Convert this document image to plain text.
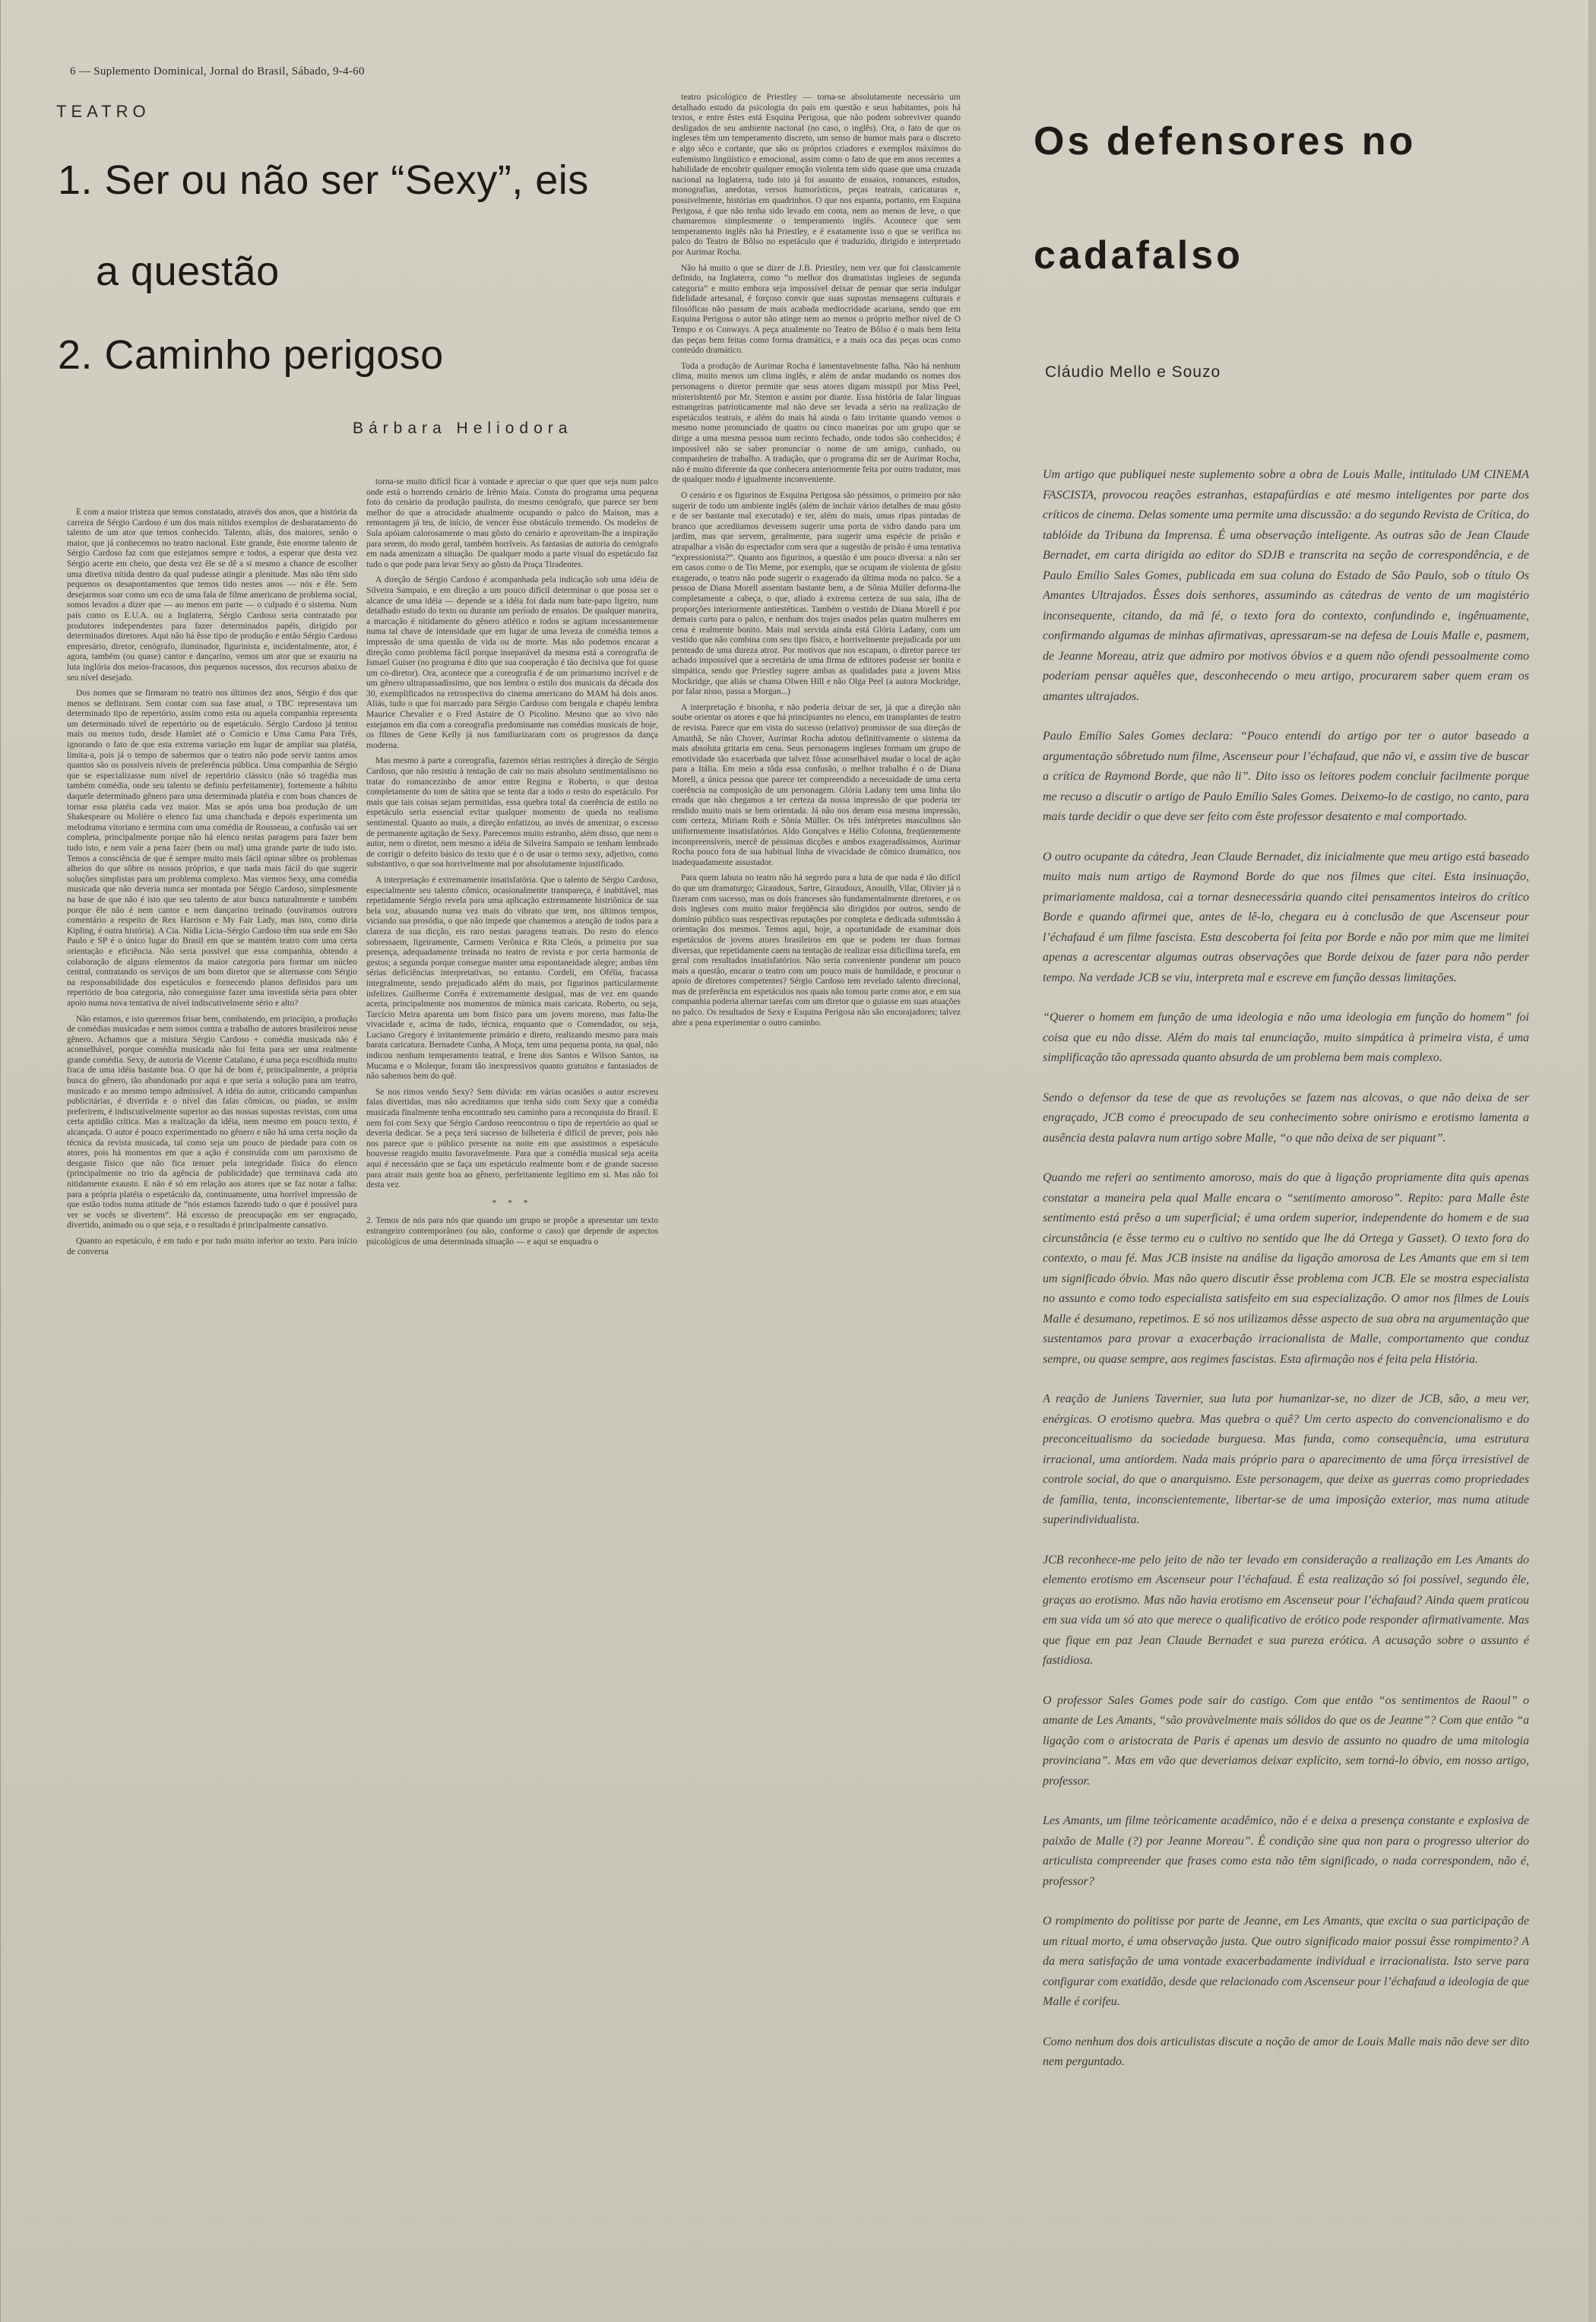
6 — Suplemento Dominical, Jornal do Brasil, Sábado, 9-4-60
TEATRO
1. Ser ou não ser “Sexy”, eis
a questão
2. Caminho perigoso
Bárbara Heliodora
Os defensores no
cadafalso
Cláudio Mello e Souzo

É com a maior tristeza que temos constatado, através dos anos, que a história da carreira de Sérgio Cardoso é um dos mais nítidos exemplos de desbaratamento do talento de um ator que temos conhecido. Talento, aliás, dos maiores, senão o maior, que já conhecemos no teatro nacional. Este grande, êste enorme talento de Sérgio Cardoso faz com que estejamos sempre e todos, a esperar que desta vez Sérgio acerte em cheio, que desta vez êle se dê a si mesmo a chance de escolher uma diretiva nítida dentro da qual pudesse atingir a plenitude. Mas não têm sido pequenos os desapontamentos que temos tido nestes anos — nós e êle. Sem desejarmos soar como um eco de uma fala de filme americano de problema social, somos levados a dizer que — ao menos em parte — o culpado é o sistema. Num país como os E.U.A. ou a Inglaterra, Sérgio Cardoso seria contratado por produtores independentes para fazer determinados papéis, dirigido por determinados diretores. Aqui não há êsse tipo de produção e então Sérgio Cardoso empresário, diretor, cenógrafo, iluminador, figurinista e, incidentalmente, ator, é agora, também (ou quase) cantor e dançarino, vemos um ator que se exauriu na luta inglória dos meios-fracassos, dos pequenos sucessos, dos recursos abaixo de seu nível desejado.

Dos nomes que se firmaram no teatro nos últimos dez anos, Sérgio é dos que menos se definiram. Sem contar com sua fase atual, o TBC representava um determinado tipo de repertório, assim como esta ou aquela companhia representa um determinado nível de repertório ou de espetáculo. Sérgio Cardoso já tentou mais ou menos tudo, desde Hamlet até o Comício e Uma Cama Para Três, ignorando o fato de que esta extrema variação em lugar de ampliar sua platéia, limita-a, pois já o tempo de sabermos que o teatro não pode servir tantos amos quantos são os possíveis níveis de preferência pública. Uma companhia de Sérgio que se especializasse num nível de repertório clássico (não só tragédia mas também comédia, onde seu talento se definiu perfeitamente), fortemente a hábito daquele determinado gênero para uma determinada platéia e com boas chances de tornar essa platéia cada vez maior. Mas se após uma boa produção de um Shakespeare ou Molière o elenco faz uma chanchada e depois experimenta um melodrama vitoriano e termina com uma comédia de Rousseau, a confusão vai ser completa, principalmente porque não há elenco nestas paragens para fazer bem tudo isto, e nem vale a pena fazer (bem ou mal) uma grande parte de tudo isto. Temos a consciência de que é sempre muito mais fácil opinar sôbre os problemas alheios do que sôbre os nossos próprios, e que nada mais fácil do que sugerir soluções simplistas para um problema complexo. Mas viemos Sexy, uma comédia musicada que não deveria nunca ser montada por Sérgio Cardoso, simplesmente na base de que não é isto que seu talento de ator busca naturalmente e também porque êle não é nem cantor e nem dançarino treinado (ouvíramos outrora comentário a respeito de Rex Harrison e My Fair Lady, mas isto, como diria Kipling, é outra história). A Cia. Nídia Lícia–Sérgio Cardoso têm sua sede em São Paulo e SP é o único lugar do Brasil em que se mantém teatro com uma certa orientação e eficiência. Não seria possível que essa companhia, obtendo a colaboração de alguns elementos da maior categoria para formar um núcleo central, contratando os serviços de um bom diretor que se alternasse com Sérgio na responsabilidade dos espetáculos e fornecendo planos definidos para um repertório de boa categoria, não conseguisse fazer uma investida séria para obter apoio numa nova tentativa de nível indiscutivelmente sério e alto?

Não estamos, e isto queremos frisar bem, combatendo, em princípio, a produção de comédias musicadas e nem somos contra a trabalho de autores brasileiros nesse gênero. Achamos que a mistura Sérgio Cardoso + comédia musicada não é aconselhável, porque comédia musicada não foi feita para ser uma realmente grande comédia. Sexy, de autoria de Vicente Catalano, é uma peça escolhida muito fraca de uma idéia bastante boa. O que há de bom é, principalmente, a própria busca do gênero, tão abandonado por aqui e que seria a solução para um teatro, musicado e ao mesmo tempo admissível. A idéia do autor, criticando campanhas publicitárias, é divertida e o nível das falas cômicas, ou piadas, se assim preferirem, é indiscutìvelmente superior ao das nossas supostas revistas, com uma certa aptidão crítica. Mas a realização da idéia, nem mesmo em pouco texto, é alcançada. O autor é pouco experimentado no gênero e não há uma certa noção da técnica da revista musicada, tal como seja um pouco de piedade para com os atores, pois há momentos em que a ação é construída com um paroxismo de desgaste físico que não fica tenuer pela integridade física do elenco (principalmente no trio da agência de publicidade) que terminava cada ato nitidamente exausto. E não é só em relação aos atores que se faz notar a falha: para a própria platéia o espetáculo da, continuamente, uma horrível impressão de que estão todos numa atitude de “nós estamos fazendo tudo o que é possível para ver se vocês se divertem”. Há excesso de preocupação em ser engraçado, divertido, animado ou o que seja, e o resultado é principalmente cansativo.

Quanto ao espetáculo, é em tudo e por tudo muito inferior ao texto. Para início de conversa

torna-se muito difícil ficar à vontade e apreciar o que quer que seja num palco onde está o horrendo cenário de Irênio Maia. Consta do programa uma pequena foto do cenário da produção paulista, do mesmo cenógrafo, que parece ser bem melhor do que a atrocidade atualmente ocupando o palco do Maison, mas a remontagem já teu, de início, de vencer êsse obstáculo tremendo. Os modelos de Sula apóiam calorosamente o mau gôsto do cenário e aproveitam-lhe a inspiração para serem, do modo geral, também horríveis. As fantasias de autoria do cenógrafo em nada amenizam a situação. De qualquer modo a parte visual do espetáculo faz tudo o que pode para levar Sexy ao gôsto da Praça Tiradentes.

A direção de Sérgio Cardoso é acompanhada pela indicação sob uma idéia de Silveira Sampaio, e em direção a um pouco difícil determinar o que possa ser o alcance de uma idéia — depende se a idéia foi dada num bate-papo ligeiro, num detalhado estudo do texto ou durante um período de ensaios. De qualquer maneira, a marcação é nitidamente do gênero atlético e todos se agitam incessantemente numa tal chave de intensidade que em lugar de uma leveza de comédia temos a impressão de uma questão de vida ou de morte. Mas não podemos encarar a direção como problema fácil porque inseparável da mesma está a coreografia de Ismael Guiser (no programa é dito que sua cooperação é tão decisiva que foi quase um co-diretor). Ora, acontece que a coreografia é de um primarismo incrível e de um gênero ultrapassadíssimo, que nos lembra o estilo dos musicais da década dos 30, exemplificados na retrospectiva do cinema americano do MAM há dois anos. Aliás, tudo o que foi marcado para Sérgio Cardoso com bengala e chapéu lembra Maurice Chevalier e o Fred Astaire de O Picolino. Mesmo que ao vivo não estejamos em dia com a coreografia predominante nas comédias musicais de hoje, os filmes de Gene Kelly já nos familiarizaram com os progressos da dança moderna.

Mas mesmo à parte a coreografia, fazemos sérias restrições à direção de Sérgio Cardoso, que não resistiu à tentação de cair no mais absoluto sentimentalismo no tratar do romancezinho de amor entre Regina e Roberto, o que destoa completamente do tom de sátira que se tenta dar a todo o resto do espetáculo. Por mais que tais coisas sejam permitidas, essa quebra total da coerência de estilo no espetáculo seria essencial evitar qualquer momento de queda no realismo sentimental. Quanto ao mais, a direção enfatizou, ao invés de amenizar, o excesso de permanente agitação de Sexy. Parecemos muito estranho, além disso, que nem o autor, nem o diretor, nem mesmo a idéia de Silveira Sampaio se tenham lembrado de corrigir o defeito básico do texto que é o de usar o termo sexy, adjetivo, como substantivo, o que soa horrivelmente mal por absolutamente injustificado.

A interpretação é extremamente insatisfatória. Que o talento de Sérgio Cardoso, especialmente seu talento cômico, ocasionalmente transpareça, é inabitável, mas repetidamente Sérgio revela para uma aplicação extremamente histriônica de sua bela voz, abusando numa vez mais do vibrato que tem, nos últimos tempos, viciando sua prosódia, o que não impede que chamemos a atenção de todos para a clareza de sua dicção, eis raro nestas paragens teatrais. Do resto do elenco sobressaem, ligeiramente, Carmem Verônica e Rita Cleós, a primeira por sua presença, adequadamente treinada no teatro de revista e por certa harmonia de gestos; a segunda porque consegue manter uma espontaneidade alegre; ambas têm sérias deficiências interpretativas, no entanto. Cordeli, em Ofélia, fracassa integralmente, sendo prejudicado além do mais, por figurinos particularmente infelizes. Guilherme Corrêa é extremamente desigual, mas de vez em quando acerta, principalmente nos momentos de mímica mais caricata. Roberto, ou seja, Tarcício Meira aparenta um bom físico para um jovem moreno, mas falta-lhe vivacidade e, acima de tudo, técnica, enquanto que o Comendador, ou seja, Luciano Gregory é irritantemente primário e direto, realizando mesmo para mais barata caricatura. Bernadete Cunha, A Moça, tem uma pequena ponta, na qual, não indicou nenhum temperamento teatral, e Irene dos Santos e Wilson Santos, na Mucama e o Moleque, foram tão inexpressivos quanto gratuitos e fantasiados de não sabemos bem do quê.

Se nos rimos vendo Sexy? Sem dúvida: em várias ocasiões o autor escreveu falas divertidas, mas não acreditamos que tenha sido com Sexy que a comédia musicada finalmente tenha encontrado seu caminho para a reconquista do Brasil. E nem foi com Sexy que Sérgio Cardoso reencontrou o tipo de repertório ao qual se deveria dedicar. Se a peça terá sucesso de bilheteria é difícil de prever, pois não nos parece que o público presente na noite em que assistimos o espetáculo houvesse reagido muito favoravelmente. Para que a comédia musical seja aceita aqui é necessário que se faça um espetáculo realmente bom e de grande sucesso para atrair mais gente boa ao gênero, perfeitamente legítimo em si. Mas não foi desta vez.

* * *

2. Temos de nós para nós que quando um grupo se propõe a apresentar um texto estrangeiro contemporâneo (ou não, conforme o caso) que depende de aspectos psicológicos de uma determinada situação — e aqui se enquadra o

teatro psicológico de Priestley — torna-se absolutamente necessário um detalhado estudo da psicologia do país em questão e seus habitantes, pois há textos, e entre êstes está Esquina Perigosa, que não podem sobreviver quando desligados de seu ambiente nacional (no caso, o inglês). Ora, o fato de que os ingleses têm um temperamento discreto, um senso de humor mais para o discreto e algo sêco e cortante, que são os próprios criadores e exemplos máximos do eufemismo lingüístico e emocional, assim como o fato de que em anos recentes a habilidade de encobrir qualquer emoção violenta tem sido quase que uma cruzada nacional na Inglaterra, tudo isto já foi assunto de ensaios, romances, estudos, monografias, anedotas, versos humorísticos, peças teatrais, caricaturas e, possivelmente, histórias em quadrinhos. O que nos espanta, portanto, em Esquina Perigosa, é que não tenha sido levado em conta, nem ao menos de leve, o que chamaremos simplesmente o temperamento inglês. Acontece que sem temperamento inglês não há Priestley, e é exatamente isso o que se verifica no palco do Teatro de Bôlso no espetáculo que é traduzido, dirigido e interpretado por Aurimar Rocha.

Não há muito o que se dizer de J.B. Priestley, nem vez que foi classicamente definido, na Inglaterra, como “o melhor dos dramatistas ingleses de segunda categoria” e muito embora seja impossível deixar de pensar que seria indulgar fidelidade artesanal, é forçoso convir que suas supostas mensagens culturais e filosóficas não passam de mais acabada mediocridade acariana, sendo que em Esquina Perigosa o autor não atinge nem ao menos o próprio melhor nível de O Tempo e os Conways. A peça atualmente no Teatro de Bôlso é o mais bem feita das peças bem feitas como forma dramática, e a mais oca das peças ocas como conteúdo dramático.

Toda a produção de Aurimar Rocha é lamentavelmente falha. Não há nenhum clima, muito menos um clima inglês, e além de andar mudando os nomes dos personagens o diretor permite que seus atores digam missipil por Miss Peel, misterishtentô por Mr. Stenton e assim por diante. Essa história de falar línguas estrangeiras patrioticamente mal não deve ser levada a sério na realização de espetáculos teatrais, e além do mais há ainda o fato irritante quando vemos o mesmo nome pronunciado de quatro ou cinco maneiras por um grupo que se dirige a uma mesma pessoa num recinto fechado, onde todos são conhecidos; é impossível não se saber pronunciar o nome de um amigo, cunhado, ou companheiro de trabalho. A tradução, que o programa diz ser de Aurimar Rocha, não é muito diferente da que conhecera anteriormente feita por outro tradutor, mas de qualquer modo é igualmente inconveniente.

O cenário e os figurinos de Esquina Perigosa são péssimos, o primeiro por não sugerir de todo um ambiente inglês (além de incluir vários detalhes de mau gôsto e de ser bastante mal executado) e ter, além do mais, umas ripas pintadas de branco que acreditamos devessem sugerir uma porta de vidro dando para um jardim, mas que servem, geralmente, para sugerir uma espécie de prisão e atrapalhar a visão do espectador com sera que a sugestão de prisão é uma tentativa “expressionista?”. Quanto aos figurinos, a questão é um pouco diversa: a não ser em casos como o de Tio Meme, por exemplo, que se ocupam de violenta de gôsto exagerado, o teatro não pode sugerir o exagerado da última moda no palco. Se a pessoa de Diana Morell assentam bastante bem, a de Sônia Müller deforma-lhe completamente a cabeça, o que, aliado à extrema certeza de sua saia, ilha de proporções interiormente antiestéticas. Também o vestido de Diana Morell é por demais curto para o palco, e nenhum dos trajes usados pelas quatro mulheres em cena é realmente bonito. Mais mal servida ainda está Glória Ladany, com um vestido que não combina com seu tipo físico, e horrivelmente prejudicada por um penteado de uma dureza atroz. Por motivos que nos escapam, o diretor parece ter achado impossível que a secretária de uma firma de editores pudesse ser bonita e simpática, sendo que Priestley sugere ambas as qualidades para a jovem Miss Mockridge, que aliás se chama Olwen Hill e não Olga Peel (a autora Mockridge, por falar nisso, passa a Morgan...)

A interpretação é bisonha, e não poderia deixar de ser, já que a direção não soube orientar os atores e que há principiantes no elenco, em transplantes de teatro de revista. Parece que em vista do sucesso (relativo) promissor de sua direção de Amanhã, Se não Chover, Aurimar Rocha adotou definitivamente o sistema da mais absoluta gritaria em cena. Seus personagens ingleses formam um grupo de emotividade tão exacerbada que talvez fôsse aconselhável mudar o local de ação para a Itália. Em meio a tôda essa confusão, o melhor trabalho é o de Diana Morell, a única pessoa que parece ter compreendido a necessidade de uma certa coerência na composição de um personagem. Glória Ladany tem uma linha tão errada que não chegamos a ter certeza da nossa impressão de que poderia ter rendido muito mais se bem orientada. Já não nos deram essa mesma impressão, com certeza, Miriam Roth e Sônia Müller. Os três intérpretes masculinos são uniformemente insatisfatórios. Aldo Gonçalves e Hélio Colonna, freqüentemente inconpreensíveis, mercê de péssimas dicções e ambos exageradíssimos, Aurimar Rocha pouco fora de sua habitual linha de vivacidade de cômico dramático, nos inadequadamente assustador.

Para quem labuta no teatro não há segredo para a luta de que nada é tão difícil do que um dramaturgo; Giraudoux, Sartre, Giraudoux, Anouilh, Vilar, Olivier já o fizeram com sucesso, mas os dois franceses são fundamentalmente diretores, e os dois ingleses com muito maior freqüência são dirigidos por outros, sendo de domínio público suas respectivas reputações por completa e dedicada submissão à orientação dos mesmos. Temos aqui, hoje, a oportunidade de examinar dois espetáculos de jovens atores brasileiros em que se podem ter duas formas diversas, que repetidamente caem na tentação de realizar essa dificílima tarefa, em geral com resultados insatisfatórios. Não seria conveniente ponderar um pouco mais a questão, encarar o teatro com um pouco mais de humildade, e procurar o apoio de diretores competentes? Sérgio Cardoso tem revelado talento direcional, mas de preferência em espetáculos nos quais não tomou parte como ator, e em sua companhia poderia alternar tarefas com um diretor que o guiasse em suas atuações no palco. Os resultados de Sexy e Esquina Perigosa não são encorajadores; talvez abre a pena experimentar o outro caminho.

Um artigo que publiquei neste suplemento sobre a obra de Louis Malle, intitulado UM CINEMA FASCISTA, provocou reações estranhas, estapafúrdias e até mesmo inteligentes por parte dos críticos de cinema. Delas somente uma permite uma discussão: a do segundo Revista de Crítica, do tablóide da Tribuna da Imprensa. É uma observação inteligente. As outras são de Jean Claude Bernadet, em carta dirigida ao editor do SDJB e transcrita na seção de correspondência, e de Paulo Emílio Sales Gomes, publicada em sua coluna do Estado de São Paulo, sob o título Os Amantes Ultrajados. Êsses dois senhores, assumindo as cátedras de vento de um magistério inconsequente, citando, da mã fé, o texto fora do contexto, confundindo e, ingênuamente, confirmando algumas de minhas afirmativas, apressaram-se na defesa de Louis Malle e, pasmem, de Jeanne Moreau, atriz que admiro por motivos óbvios e a quem não ofendi pessoalmente como poderiam pensar aquêles que, desconhecendo o meu artigo, procurarem saber quem eram os amantes ultrajados.

Paulo Emílio Sales Gomes declara: “Pouco entendi do artigo por ter o autor baseado a argumentação sôbretudo num filme, Ascenseur pour l’échafaud, que não vi, e assim tive de buscar a crítica de Raymond Borde, que não li”. Dito isso os leitores podem concluir facilmente porque me recuso a discutir o artigo de Paulo Emílio Sales Gomes. Deixemo-lo de castigo, no canto, para mais tarde decidir o que deve ser feito com êste professor desatento e mal comportado.

O outro ocupante da cátedra, Jean Claude Bernadet, diz inicialmente que meu artigo está baseado muito mais num artigo de Raymond Borde do que nos filmes que citei. Esta insinuação, primariamente maldosa, cai a tornar desnecessária quando citei pensamentos inteiros do crítico Borde e quando afirmei que, antes de lê-lo, chegara eu à conclusão de que Ascenseur pour l’échafaud é um filme fascista. Esta descoberta foi feita por Borde e não por mim que me limitei apenas a acrescentar algumas outras observações que Borde deixou de fazer para não perder tempo. Na verdade JCB se viu, interpreta mal e escreve em função dessas limitações.

“Querer o homem em função de uma ideologia e não uma ideologia em função do homem” foi coisa que eu não disse. Além do mais tal enunciação, muito simpática à primeira vista, é uma simplificação tão apressada quanto absurda de um problema bem mais complexo.

Sendo o defensor da tese de que as revoluções se fazem nas alcovas, o que não deixa de ser engraçado, JCB como é preocupado de seu conhecimento sobre onirismo e erotismo lamenta a ausência desta palavra num artigo sobre Malle, “o que não deixa de ser piquant”.

Quando me referi ao sentimento amoroso, mais do que à ligação propriamente dita quis apenas constatar a maneira pela qual Malle encara o “sentimento amoroso”. Repito: para Malle êste sentimento está prêso a um superficial; é uma ordem superior, independente do homem e de sua circunstância (e êsse termo eu o cultivo no sentido que lhe dá Ortega y Gasset). O texto fora do contexto, o mau fé. Mas JCB insiste na análise da ligação amorosa de Les Amants que em si tem um significado óbvio. Mas não quero discutir êsse problema com JCB. Ele se mostra especialista no assunto e como todo especialista satisfeito em sua especialização. O amor nos filmes de Louis Malle é desumano, repetimos. E só nos utilizamos dêsse aspecto de sua obra na argumentação que sustentamos para provar a exacerbação irracionalista de Malle, comportamento que conduz sempre, ou quase sempre, aos regimes fascistas. Esta afirmação nos é feita pela História.

A reação de Juniens Tavernier, sua luta por humanizar-se, no dizer de JCB, são, a meu ver, enérgicas. O erotismo quebra. Mas quebra o quê? Um certo aspecto do convencionalismo e do preconceitualismo da sociedade burguesa. Mas funda, como consequência, uma estrutura irracional, uma antiordem. Nada mais próprio para o aparecimento de uma fôrça irresistível de controle social, do que o anarquismo. Este personagem, que deixe as guerras como propriedades de família, tenta, inconscientemente, libertar-se de uma imposição exterior, mas numa atitude superindividualista.

JCB reconhece-me pelo jeito de não ter levado em consideração a realização em Les Amants do elemento erotismo em Ascenseur pour l’échafaud. É esta realização só foi possível, segundo êle, graças ao erotismo. Mas não havia erotismo em Ascenseur pour l’échafaud? Ainda quem praticou em sua vida um só ato que merece o qualificativo de erótico pode responder afirmativamente. Mas que fique em paz Jean Claude Bernadet e sua pureza erótica. A acusação sobre o assunto é fastidiosa.

O professor Sales Gomes pode sair do castigo. Com que então “os sentimentos de Raoul” o amante de Les Amants, “são provàvelmente mais sólidos do que os de Jeanne”? Com que então “a ligação com o aristocrata de Paris é apenas um desvio de assunto no quadro de uma mitologia provinciana”. Mas em vão que deveriamos deixar explícito, sem torná-lo óbvio, em nosso artigo, professor.

Les Amants, um filme teòricamente acadêmico, não é e deixa a presença constante e explosiva de paixão de Malle (?) por Jeanne Moreau”. É condição sine qua non para o progresso ulterior do articulista compreender que frases como esta não têm significado, o nada correspondem, não é, professor?

O rompimento do politisse por parte de Jeanne, em Les Amants, que excita o sua participação de um ritual morto, é uma observação justa. Que outro significado maior possui êsse rompimento? A da mera satisfação de uma vontade exacerbadamente individual e irracionalista. Isto serve para configurar com exatidão, desde que relacionado com Ascenseur pour l’échafaud a ideologia de que Malle é corifeu.

Como nenhum dos dois articulistas discute a noção de amor de Louis Malle mais não deve ser dito nem perguntado.
